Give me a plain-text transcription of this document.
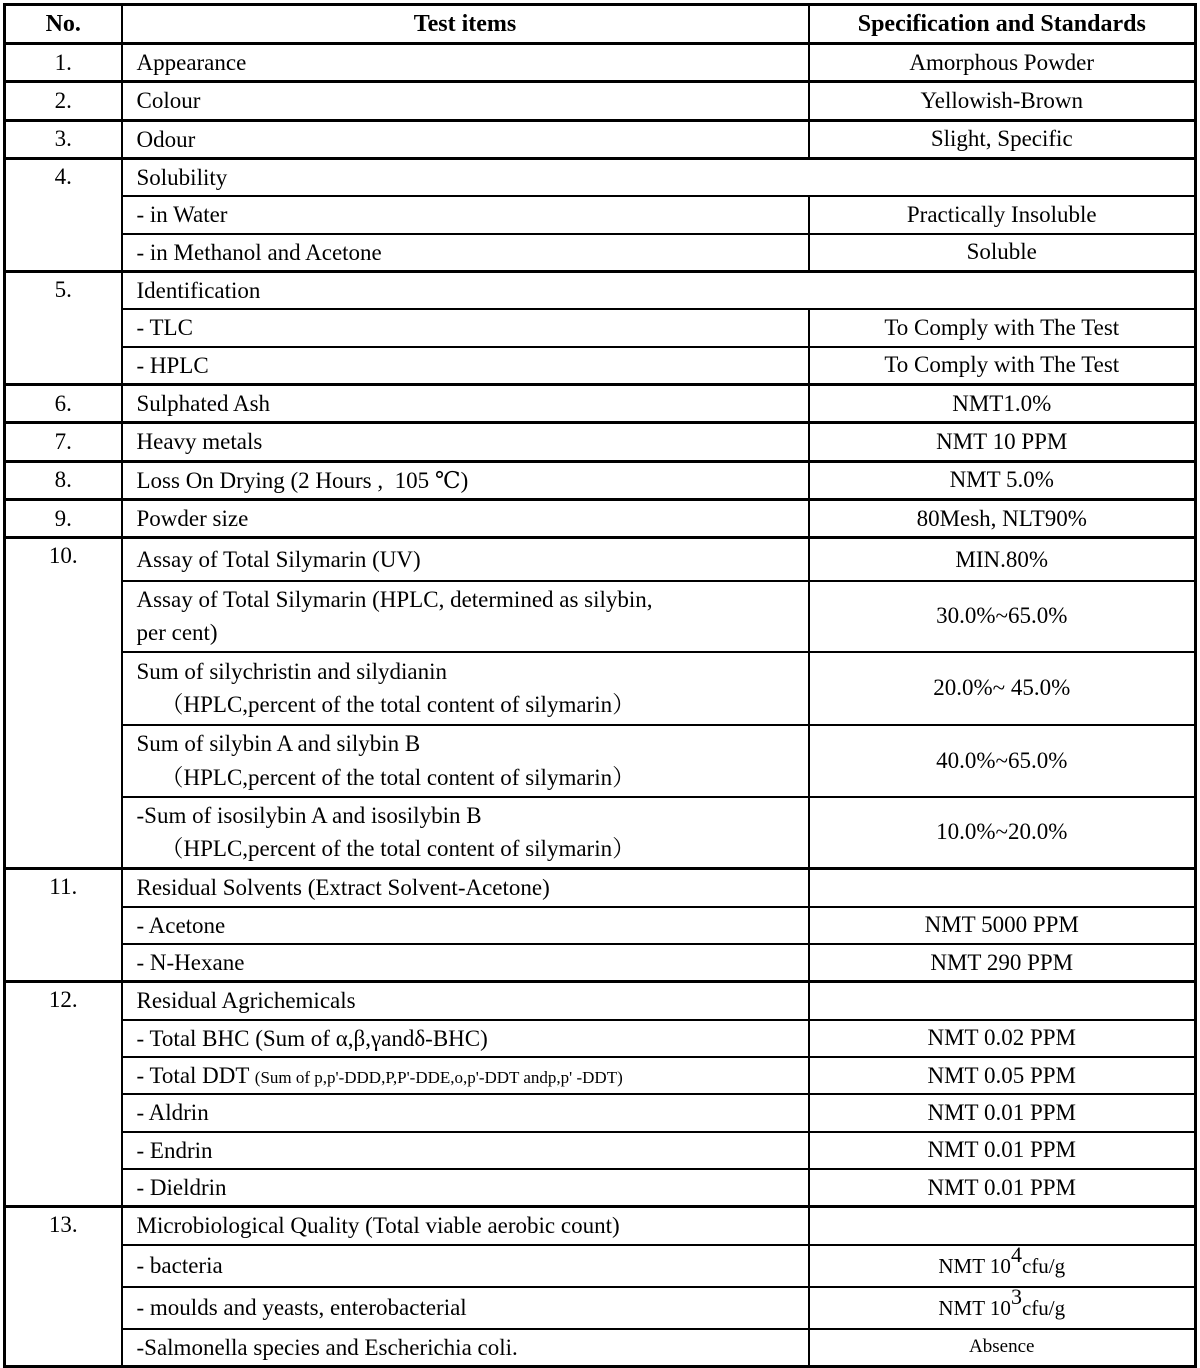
No.	Test items	Specification and Standards
1.	Appearance	Amorphous Powder
2.	Colour	Yellowish-Brown
3.	Odour	Slight, Specific
4.	Solubility	

	- in Water	Practically Insoluble

	- in Methanol and Acetone	Soluble
5.	Identification	

	- TLC	To Comply with The Test

	- HPLC	To Comply with The Test
6.	Sulphated Ash	NMT1.0%
7.	Heavy metals	NMT 10 PPM
8.	Loss On Drying (2 Hours ,  105 ℃)	NMT 5.0%
9.	Powder size	80Mesh, NLT90%
10.	Assay of Total Silymarin (UV)	MIN.80%

	Assay of Total Silymarin (HPLC, determined as silybin,
per cent)	30.0%~65.0%

	Sum of silychristin and silydianin
（HPLC,percent of the total content of silymarin）	20.0%~ 45.0%

	Sum of silybin A and silybin B
（HPLC,percent of the total content of silymarin）	40.0%~65.0%

	-Sum of isosilybin A and isosilybin B
（HPLC,percent of the total content of silymarin）	10.0%~20.0%
11.	Residual Solvents (Extract Solvent-Acetone)	

	- Acetone	NMT 5000 PPM

	- N-Hexane	NMT 290 PPM
12.	Residual Agrichemicals	

	- Total BHC (Sum of α,β,γandδ-BHC)	NMT 0.02 PPM

	- Total DDT (Sum of p,p'-DDD,P,P'-DDE,o,p'-DDT andp,p' -DDT)	NMT 0.05 PPM

	- Aldrin	NMT 0.01 PPM

	- Endrin	NMT 0.01 PPM

	- Dieldrin	NMT 0.01 PPM
13.	Microbiological Quality (Total viable aerobic count)	

	- bacteria	NMT 104cfu/g

	- moulds and yeasts, enterobacterial	NMT 103cfu/g

	-Salmonella species and Escherichia coli.	Absence
